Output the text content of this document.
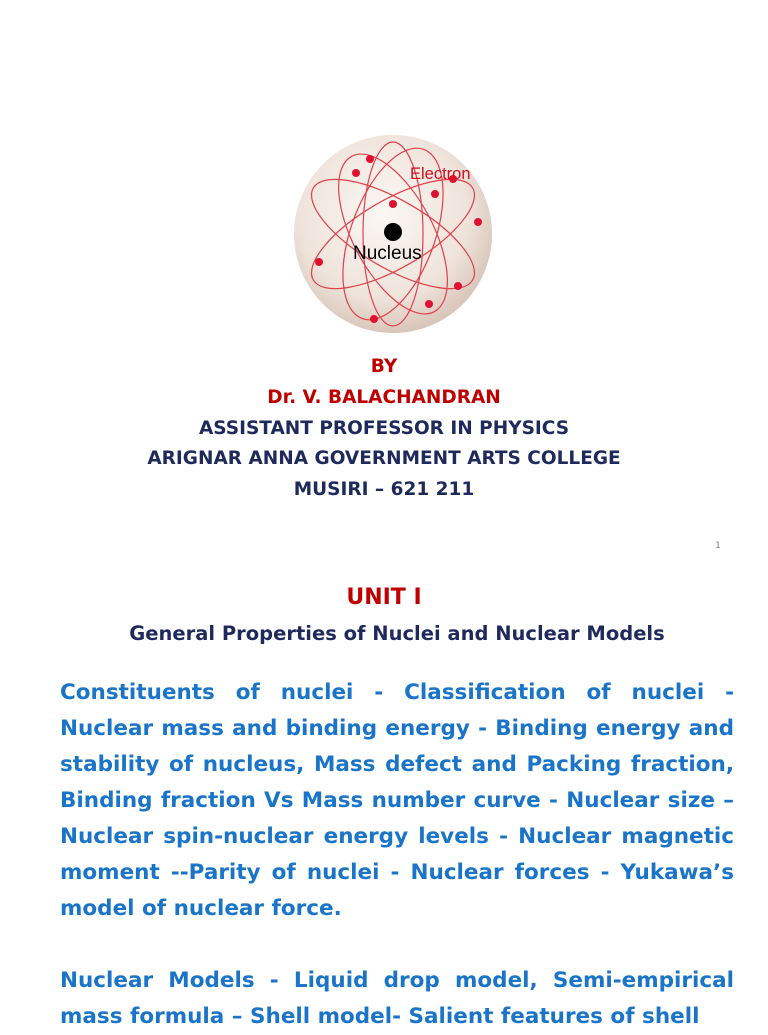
Electron
Nucleus
BY
Dr. V. BALACHANDRAN
ASSISTANT PROFESSOR IN PHYSICS
ARIGNAR ANNA GOVERNMENT ARTS COLLEGE
MUSIRI – 621 211
1
UNIT I
General Properties of Nuclei and Nuclear Models

Constituents of nuclei - Classification of nuclei - Nuclear mass and binding energy - Binding energy and stability of nucleus, Mass defect and Packing fraction, Binding fraction Vs Mass number curve - Nuclear size – Nuclear spin-nuclear energy levels - Nuclear magnetic moment --Parity of nuclei - Nuclear forces - Yukawa’s model of nuclear force.

Nuclear Models - Liquid drop model, Semi-empirical mass formula – Shell model- Salient features of shell
